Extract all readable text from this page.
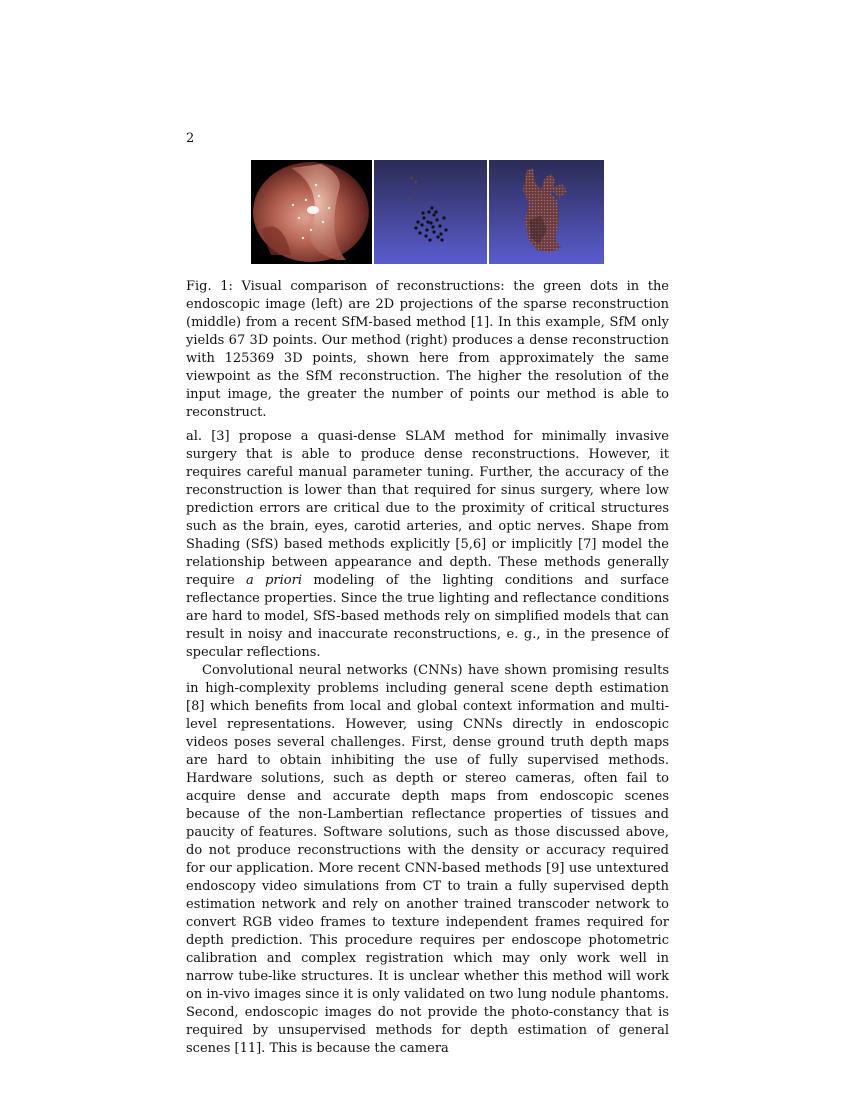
2
Fig. 1: Visual comparison of reconstructions: the green dots in the endoscopic image (left) are 2D projections of the sparse reconstruction (middle) from a recent SfM-based method [1]. In this example, SfM only yields 67 3D points. Our method (right) produces a dense reconstruction with 125369 3D points, shown here from approximately the same viewpoint as the SfM reconstruction. The higher the resolution of the input image, the greater the number of points our method is able to reconstruct.

al. [3] propose a quasi-dense SLAM method for minimally invasive surgery that is able to produce dense reconstructions. However, it requires careful manual parameter tuning. Further, the accuracy of the reconstruction is lower than that required for sinus surgery, where low prediction errors are critical due to the proximity of critical structures such as the brain, eyes, carotid arteries, and optic nerves. Shape from Shading (SfS) based methods explicitly [5,6] or implicitly [7] model the relationship between appearance and depth. These methods generally require a priori modeling of the lighting conditions and surface reflectance properties. Since the true lighting and reflectance conditions are hard to model, SfS-based methods rely on simplified models that can result in noisy and inaccurate reconstructions, e. g., in the presence of specular reflections.

Convolutional neural networks (CNNs) have shown promising results in high-complexity problems including general scene depth estimation [8] which benefits from local and global context information and multi-level representations. However, using CNNs directly in endoscopic videos poses several challenges. First, dense ground truth depth maps are hard to obtain inhibiting the use of fully supervised methods. Hardware solutions, such as depth or stereo cameras, often fail to acquire dense and accurate depth maps from endoscopic scenes because of the non-Lambertian reflectance properties of tissues and paucity of features. Software solutions, such as those discussed above, do not produce reconstructions with the density or accuracy required for our application. More recent CNN-based methods [9] use untextured endoscopy video simulations from CT to train a fully supervised depth estimation network and rely on another trained transcoder network to convert RGB video frames to texture independent frames required for depth prediction. This procedure requires per endoscope photometric calibration and complex registration which may only work well in narrow tube-like structures. It is unclear whether this method will work on in-vivo images since it is only validated on two lung nodule phantoms. Second, endoscopic images do not provide the photo-constancy that is required by unsupervised methods for depth estimation of general scenes [11]. This is because the camera
